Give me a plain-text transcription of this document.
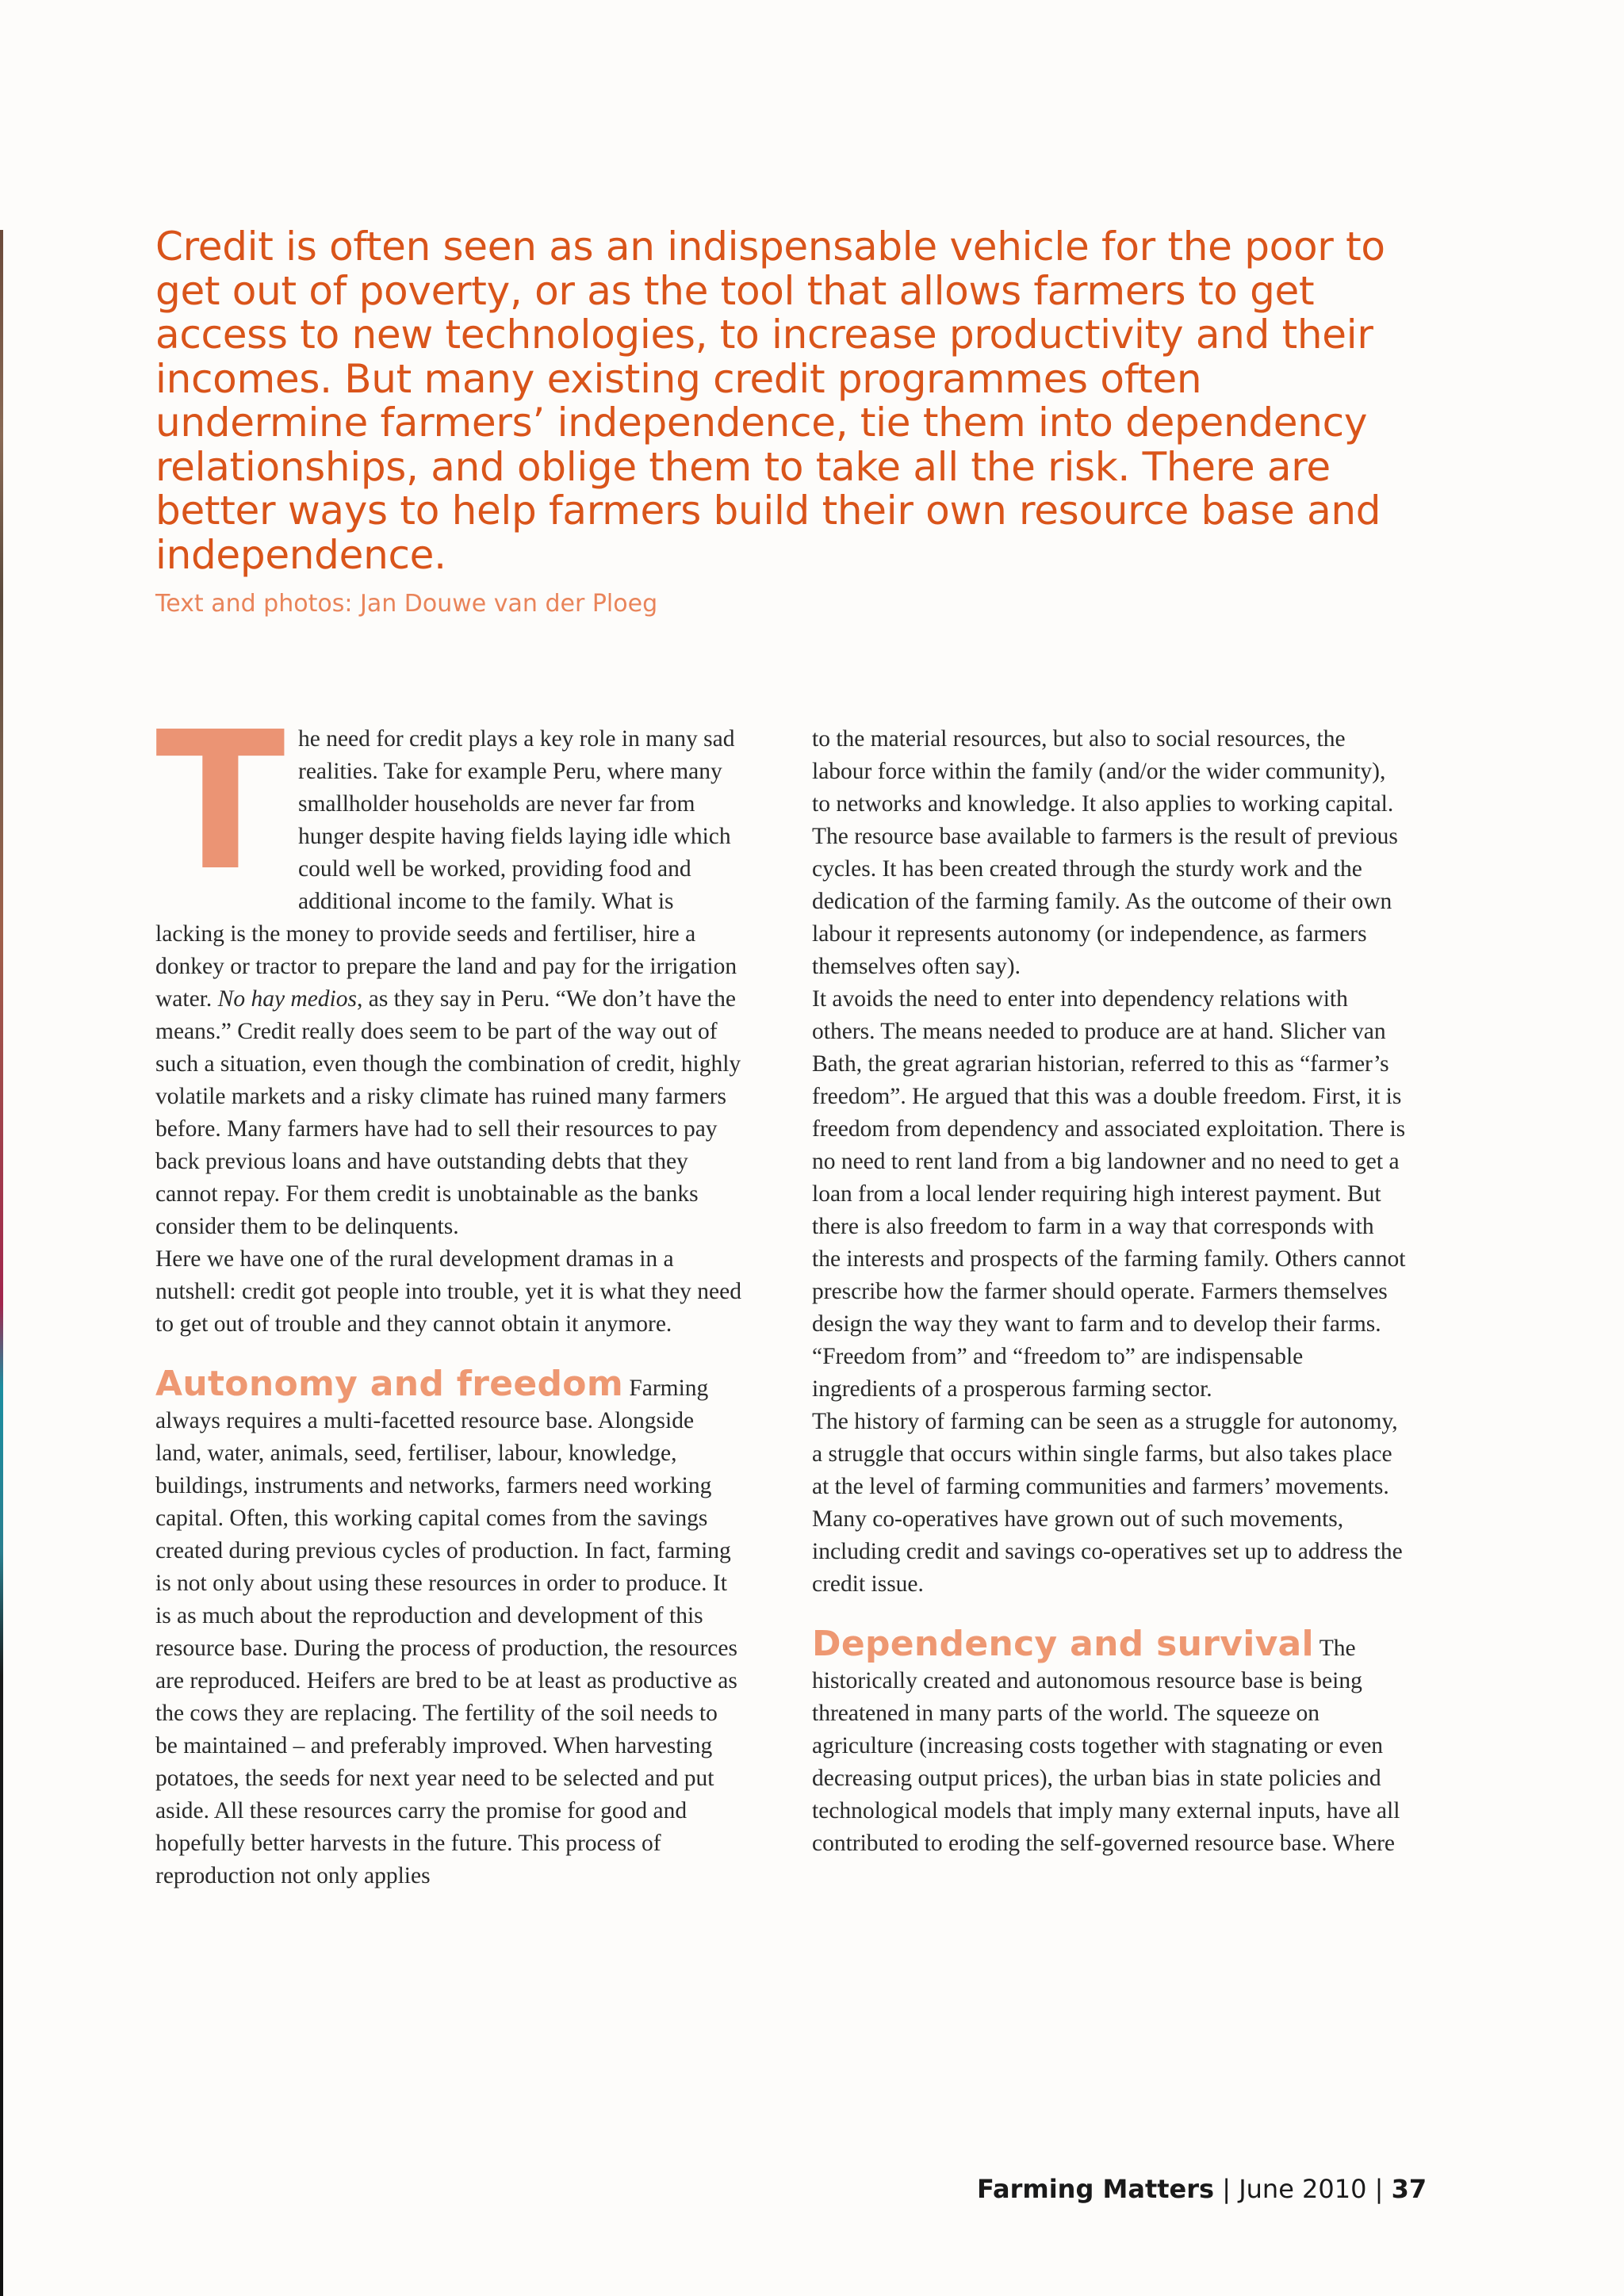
Credit is often seen as an indispensable vehicle for the poor to get out of poverty, or as the tool that allows farmers to get access to new technologies, to increase productivity and their incomes. But many existing credit programmes often undermine farmers’ independence, tie them into dependency relationships, and oblige them to take all the risk. There are better ways to help farmers build their own resource base and independence.

Text and photos: Jan Douwe van der Ploeg

The need for credit plays a key role in many sad realities. Take for example Peru, where many smallholder households are never far from hunger despite having fields laying idle which could well be worked, providing food and additional income to the family. What is lacking is the money to provide seeds and fertiliser, hire a donkey or tractor to prepare the land and pay for the irrigation water. No hay medios, as they say in Peru. “We don’t have the means.” Credit really does seem to be part of the way out of such a situation, even though the combination of credit, highly volatile markets and a risky climate has ruined many farmers before. Many farmers have had to sell their resources to pay back previous loans and have outstanding debts that they cannot repay. For them credit is unobtainable as the banks consider them to be delinquents.

Here we have one of the rural development dramas in a nutshell: credit got people into trouble, yet it is what they need to get out of trouble and they cannot obtain it anymore.

Autonomy and freedom Farming always requires a multi-facetted resource base. Alongside land, water, animals, seed, fertiliser, labour, knowledge, buildings, instruments and networks, farmers need working capital. Often, this working capital comes from the savings created during previous cycles of production. In fact, farming is not only about using these resources in order to produce. It is as much about the reproduction and development of this resource base. During the process of production, the resources are reproduced. Heifers are bred to be at least as productive as the cows they are replacing. The fertility of the soil needs to be maintained – and preferably improved. When harvesting potatoes, the seeds for next year need to be selected and put aside. All these resources carry the promise for good and hopefully better harvests in the future. This process of reproduction not only applies

to the material resources, but also to social resources, the labour force within the family (and/or the wider community), to networks and knowledge. It also applies to working capital.

The resource base available to farmers is the result of previous cycles. It has been created through the sturdy work and the dedication of the farming family. As the outcome of their own labour it represents autonomy (or independence, as farmers themselves often say).

It avoids the need to enter into dependency relations with others. The means needed to produce are at hand. Slicher van Bath, the great agrarian historian, referred to this as “farmer’s freedom”. He argued that this was a double freedom. First, it is freedom from dependency and associated exploitation. There is no need to rent land from a big landowner and no need to get a loan from a local lender requiring high interest payment. But there is also freedom to farm in a way that corresponds with the interests and prospects of the farming family. Others cannot prescribe how the farmer should operate. Farmers themselves design the way they want to farm and to develop their farms. “Freedom from” and “freedom to” are indispensable ingredients of a prosperous farming sector.

The history of farming can be seen as a struggle for autonomy, a struggle that occurs within single farms, but also takes place at the level of farming communities and farmers’ movements. Many co-operatives have grown out of such movements, including credit and savings co-operatives set up to address the credit issue.

Dependency and survival The historically created and autonomous resource base is being threatened in many parts of the world. The squeeze on agriculture (increasing costs together with stagnating or even decreasing output prices), the urban bias in state policies and technological models that imply many external inputs, have all contributed to eroding the self-governed resource base. Where

Farming Matters | June 2010 | 37
